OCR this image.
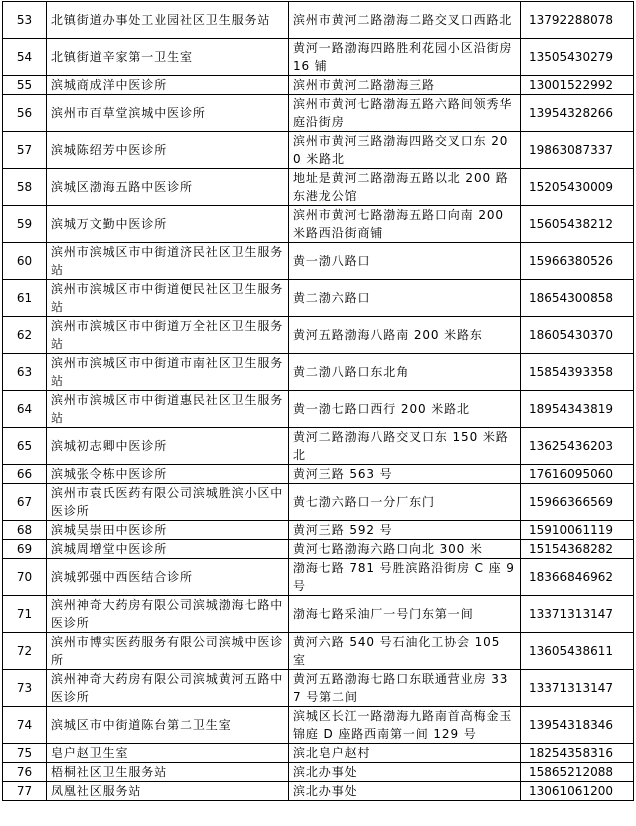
53	北镇街道办事处工业园社区卫生服务站	滨州市黄河二路渤海二路交叉口西路北	13792288078
54	北镇街道辛家第一卫生室	黄河一路渤海四路胜利花园小区沿街房 16 铺	13505430279
55	滨城商成洋中医诊所	滨州市黄河二路渤海三路	13001522992
56	滨州市百草堂滨城中医诊所	滨州市黄河七路渤海五路六路间领秀华庭沿街房	13954328266
57	滨城陈绍芳中医诊所	滨州市黄河三路渤海四路交叉口东 200 米路北	19863087337
58	滨城区渤海五路中医诊所	地址是黄河二路渤海五路以北 200 路东港龙公馆	15205430009
59	滨城万文勤中医诊所	滨州市黄河七路渤海五路口向南 200 米路西沿街商铺	15605438212
60	滨州市滨城区市中街道济民社区卫生服务站	黄一渤八路口	15966380526
61	滨州市滨城区市中街道便民社区卫生服务站	黄二渤六路口	18654300858
62	滨州市滨城区市中街道万全社区卫生服务站	黄河五路渤海八路南 200 米路东	18605430370
63	滨州市滨城区市中街道市南社区卫生服务站	黄二渤八路口东北角	15854393358
64	滨州市滨城区市中街道惠民社区卫生服务站	黄一渤七路口西行 200 米路北	18954343819
65	滨城初志卿中医诊所	黄河二路渤海八路交叉口东 150 米路北	13625436203
66	滨城张令栋中医诊所	黄河三路 563 号	17616095060
67	滨州市袁氏医药有限公司滨城胜滨小区中医诊所	黄七渤六路口一分厂东门	15966366569
68	滨城吴崇田中医诊所	黄河三路 592 号	15910061119
69	滨城周增堂中医诊所	黄河七路渤海六路口向北 300 米	15154368282
70	滨城郭强中西医结合诊所	渤海七路 781 号胜滨路沿街房 C 座 9 号	18366846962
71	滨州神奇大药房有限公司滨城渤海七路中医诊所	渤海七路采油厂一号门东第一间	13371313147
72	滨州市博实医药服务有限公司滨城中医诊所	黄河六路 540 号石油化工协会 105 室	13605438611
73	滨州神奇大药房有限公司滨城黄河五路中医诊所	黄河五路渤海七路口东联通营业房 337 号第二间	13371313147
74	滨城区市中街道陈台第二卫生室	滨城区长江一路渤海九路南首高梅金玉锦庭 D 座路西南第一间 129 号	13954318346
75	皂户赵卫生室	滨北皂户赵村	18254358316
76	梧桐社区卫生服务站	滨北办事处	15865212088
77	凤凰社区服务站	滨北办事处	13061061200
